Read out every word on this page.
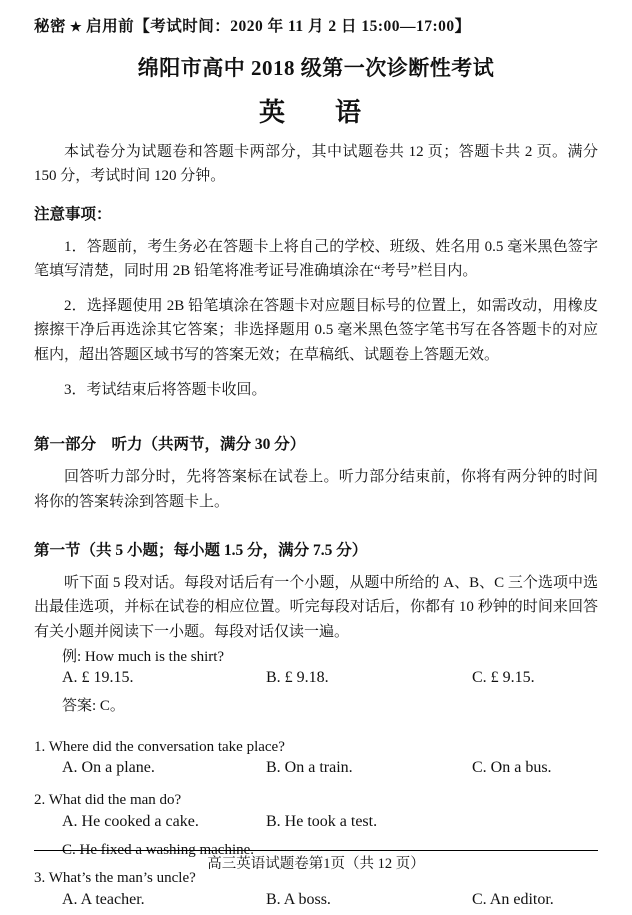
秘密 ★ 启用前【考试时间：2020 年 11 月 2 日 15:00—17:00】
绵阳市高中 2018 级第一次诊断性考试
英　语
本试卷分为试题卷和答题卡两部分，其中试题卷共 12 页；答题卡共 2 页。满分 150 分，考试时间 120 分钟。
注意事项：
1．答题前，考生务必在答题卡上将自己的学校、班级、姓名用 0.5 毫米黑色签字笔填写清楚，同时用 2B 铅笔将准考证号准确填涂在“考号”栏目内。
2．选择题使用 2B 铅笔填涂在答题卡对应题目标号的位置上，如需改动，用橡皮擦擦干净后再选涂其它答案；非选择题用 0.5 毫米黑色签字笔书写在各答题卡的对应框内，超出答题区域书写的答案无效；在草稿纸、试题卷上答题无效。
3．考试结束后将答题卡收回。
第一部分　听力（共两节，满分 30 分）
回答听力部分时，先将答案标在试卷上。听力部分结束前，你将有两分钟的时间将你的答案转涂到答题卡上。
第一节（共 5 小题；每小题 1.5 分，满分 7.5 分）
听下面 5 段对话。每段对话后有一个小题，从题中所给的 A、B、C 三个选项中选出最佳选项，并标在试卷的相应位置。听完每段对话后，你都有 10 秒钟的时间来回答有关小题并阅读下一小题。每段对话仅读一遍。
例: How much is the shirt?
A. £ 19.15.	B. £ 9.18.	C. £ 9.15.
答案: C。
1. Where did the conversation take place?
A. On a plane.	B. On a train.	C. On a bus.
2. What did the man do?
A. He cooked a cake.	B. He took a test.
C. He fixed a washing machine.
3. What’s the man’s uncle?
A. A teacher.	B. A boss.	C. An editor.
高三英语试题卷第1页（共 12 页）
